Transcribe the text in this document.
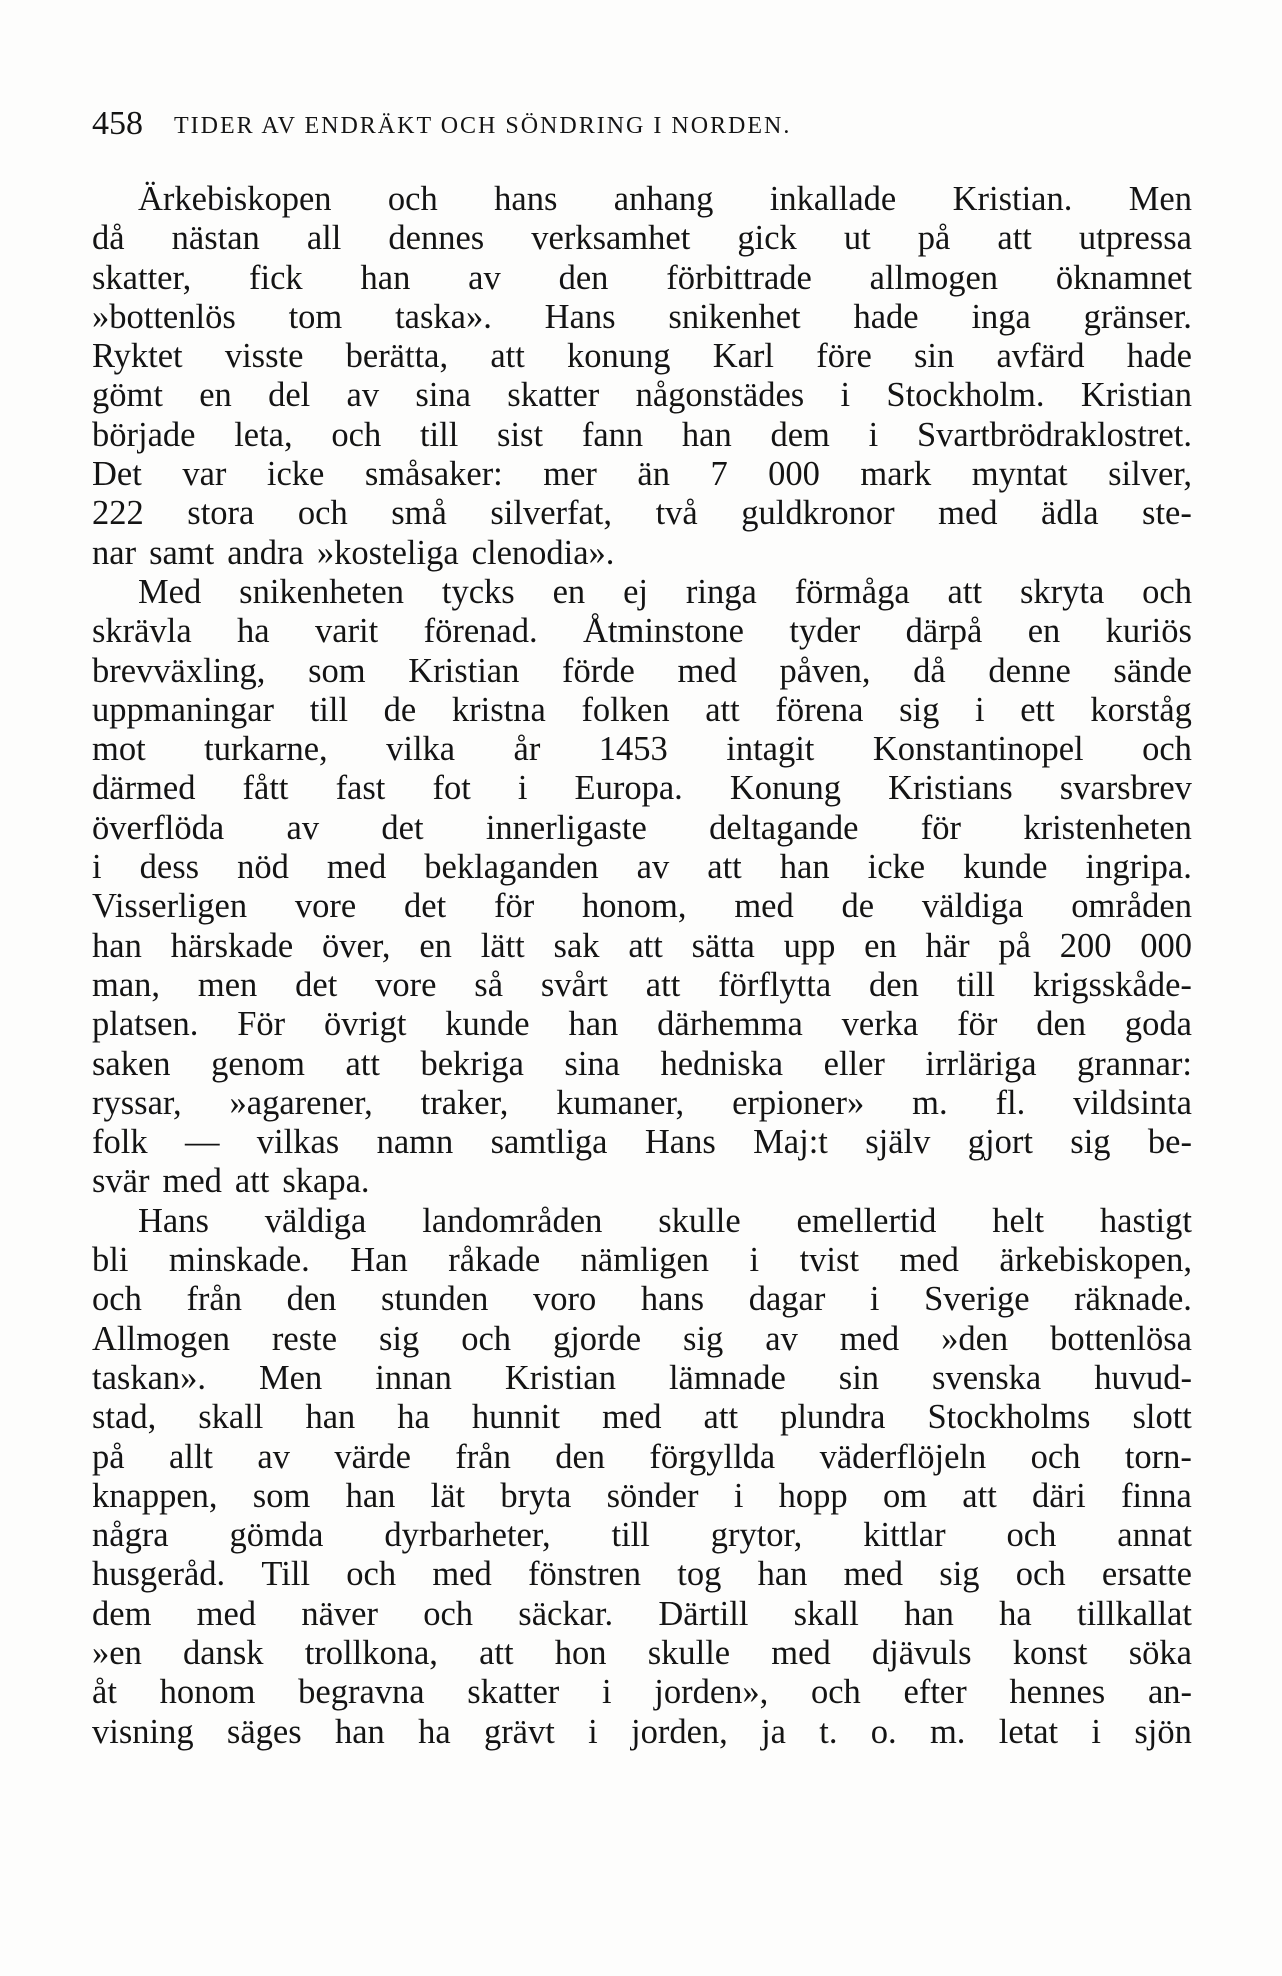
458 TIDER AV ENDRÄKT OCH SÖNDRING I NORDEN.
Ärkebiskopen och hans anhang inkallade Kristian. Men
då nästan all dennes verksamhet gick ut på att utpressa
skatter, fick han av den förbittrade allmogen öknamnet
»bottenlös tom taska». Hans snikenhet hade inga gränser.
Ryktet visste berätta, att konung Karl före sin avfärd hade
gömt en del av sina skatter någonstädes i Stockholm. Kristian
började leta, och till sist fann han dem i Svartbrödraklostret.
Det var icke småsaker: mer än 7 000 mark myntat silver,
222 stora och små silverfat, två guldkronor med ädla ste-
nar samt andra »kosteliga clenodia».
Med snikenheten tycks en ej ringa förmåga att skryta och
skrävla ha varit förenad. Åtminstone tyder därpå en kuriös
brevväxling, som Kristian förde med påven, då denne sände
uppmaningar till de kristna folken att förena sig i ett korståg
mot turkarne, vilka år 1453 intagit Konstantinopel och
därmed fått fast fot i Europa. Konung Kristians svarsbrev
överflöda av det innerligaste deltagande för kristenheten
i dess nöd med beklaganden av att han icke kunde ingripa.
Visserligen vore det för honom, med de väldiga områden
han härskade över, en lätt sak att sätta upp en här på 200 000
man, men det vore så svårt att förflytta den till krigsskåde-
platsen. För övrigt kunde han därhemma verka för den goda
saken genom att bekriga sina hedniska eller irrläriga grannar:
ryssar, »agarener, traker, kumaner, erpioner» m. fl. vildsinta
folk — vilkas namn samtliga Hans Maj:t själv gjort sig be-
svär med att skapa.
Hans väldiga landområden skulle emellertid helt hastigt
bli minskade. Han råkade nämligen i tvist med ärkebiskopen,
och från den stunden voro hans dagar i Sverige räknade.
Allmogen reste sig och gjorde sig av med »den bottenlösa
taskan». Men innan Kristian lämnade sin svenska huvud-
stad, skall han ha hunnit med att plundra Stockholms slott
på allt av värde från den förgyllda väderflöjeln och torn-
knappen, som han lät bryta sönder i hopp om att däri finna
några gömda dyrbarheter, till grytor, kittlar och annat
husgeråd. Till och med fönstren tog han med sig och ersatte
dem med näver och säckar. Därtill skall han ha tillkallat
»en dansk trollkona, att hon skulle med djävuls konst söka
åt honom begravna skatter i jorden», och efter hennes an-
visning säges han ha grävt i jorden, ja t. o. m. letat i sjön
